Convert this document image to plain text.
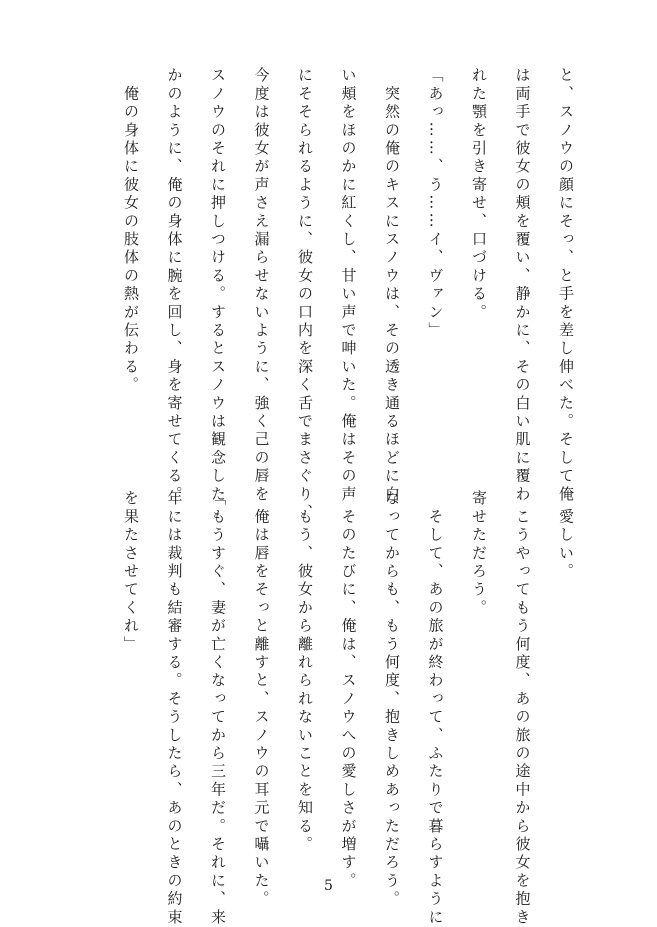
と、スノウの顔にそっ、と手を差し伸べた。そして俺
は両手で彼女の頬を覆い、静かに、その白い肌に覆わ
れた顎を引き寄せ、口づける。
「あっ……、う……イ、ヴァン」
　突然の俺のキスにスノウは、その透き通るほどに白
い頬をほのかに紅くし、甘い声で呻いた。俺はその声
にそそられるように、彼女の口内を深く舌でまさぐり、
今度は彼女が声さえ漏らせないように、強く己の唇を
スノウのそれに押しつける。するとスノウは観念した
かのように、俺の身体に腕を回し、身を寄せてくる。
　俺の身体に彼女の肢体の熱が伝わる。
　愛しい。
　こうやってもう何度、あの旅の途中から彼女を抱き
寄せただろう。
　そして、あの旅が終わって、ふたりで暮らすように
なってからも、もう何度、抱きしめあっただろう。
　そのたびに、俺は、スノウへの愛しさが増す。
　もう、彼女から離れられないことを知る。
　俺は唇をそっと離すと、スノウの耳元で囁いた。
「もうすぐ、妻が亡くなってから三年だ。それに、来
年には裁判も結審する。そうしたら、あのときの約束
を果たさせてくれ」
5
